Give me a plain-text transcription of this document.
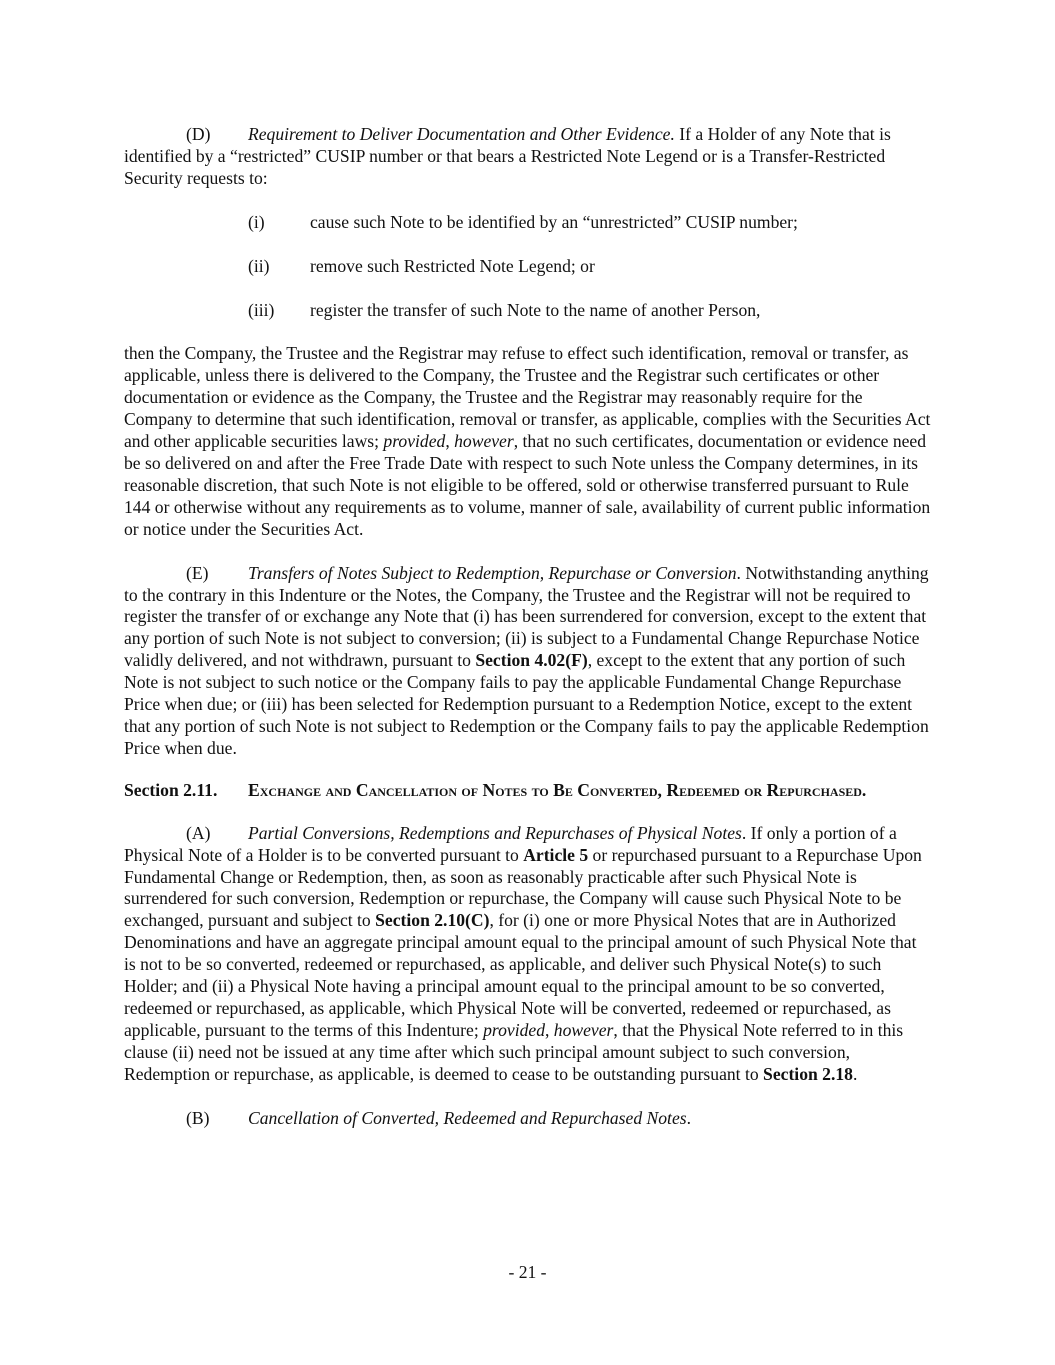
(D) Requirement to Deliver Documentation and Other Evidence. If a Holder of any Note that is identified by a “restricted” CUSIP number or that bears a Restricted Note Legend or is a Transfer-Restricted Security requests to:

(i)	cause such Note to be identified by an “unrestricted” CUSIP number;
(ii)	remove such Restricted Note Legend; or
(iii)	register the transfer of such Note to the name of another Person,

then the Company, the Trustee and the Registrar may refuse to effect such identification, removal or transfer, as applicable, unless there is delivered to the Company, the Trustee and the Registrar such certificates or other documentation or evidence as the Company, the Trustee and the Registrar may reasonably require for the Company to determine that such identification, removal or transfer, as applicable, complies with the Securities Act and other applicable securities laws; provided, however, that no such certificates, documentation or evidence need be so delivered on and after the Free Trade Date with respect to such Note unless the Company determines, in its reasonable discretion, that such Note is not eligible to be offered, sold or otherwise transferred pursuant to Rule 144 or otherwise without any requirements as to volume, manner of sale, availability of current public information or notice under the Securities Act.

(E) Transfers of Notes Subject to Redemption, Repurchase or Conversion. Notwithstanding anything to the contrary in this Indenture or the Notes, the Company, the Trustee and the Registrar will not be required to register the transfer of or exchange any Note that (i) has been surrendered for conversion, except to the extent that any portion of such Note is not subject to conversion; (ii) is subject to a Fundamental Change Repurchase Notice validly delivered, and not withdrawn, pursuant to Section 4.02(F), except to the extent that any portion of such Note is not subject to such notice or the Company fails to pay the applicable Fundamental Change Repurchase Price when due; or (iii) has been selected for Redemption pursuant to a Redemption Notice, except to the extent that any portion of such Note is not subject to Redemption or the Company fails to pay the applicable Redemption Price when due.

Section 2.11. Exchange and Cancellation of Notes to Be Converted, Redeemed or Repurchased.

(A) Partial Conversions, Redemptions and Repurchases of Physical Notes. If only a portion of a Physical Note of a Holder is to be converted pursuant to Article 5 or repurchased pursuant to a Repurchase Upon Fundamental Change or Redemption, then, as soon as reasonably practicable after such Physical Note is surrendered for such conversion, Redemption or repurchase, the Company will cause such Physical Note to be exchanged, pursuant and subject to Section 2.10(C), for (i) one or more Physical Notes that are in Authorized Denominations and have an aggregate principal amount equal to the principal amount of such Physical Note that is not to be so converted, redeemed or repurchased, as applicable, and deliver such Physical Note(s) to such Holder; and (ii) a Physical Note having a principal amount equal to the principal amount to be so converted, redeemed or repurchased, as applicable, which Physical Note will be converted, redeemed or repurchased, as applicable, pursuant to the terms of this Indenture; provided, however, that the Physical Note referred to in this clause (ii) need not be issued at any time after which such principal amount subject to such conversion, Redemption or repurchase, as applicable, is deemed to cease to be outstanding pursuant to Section 2.18.

(B) Cancellation of Converted, Redeemed and Repurchased Notes.

- 21 -
